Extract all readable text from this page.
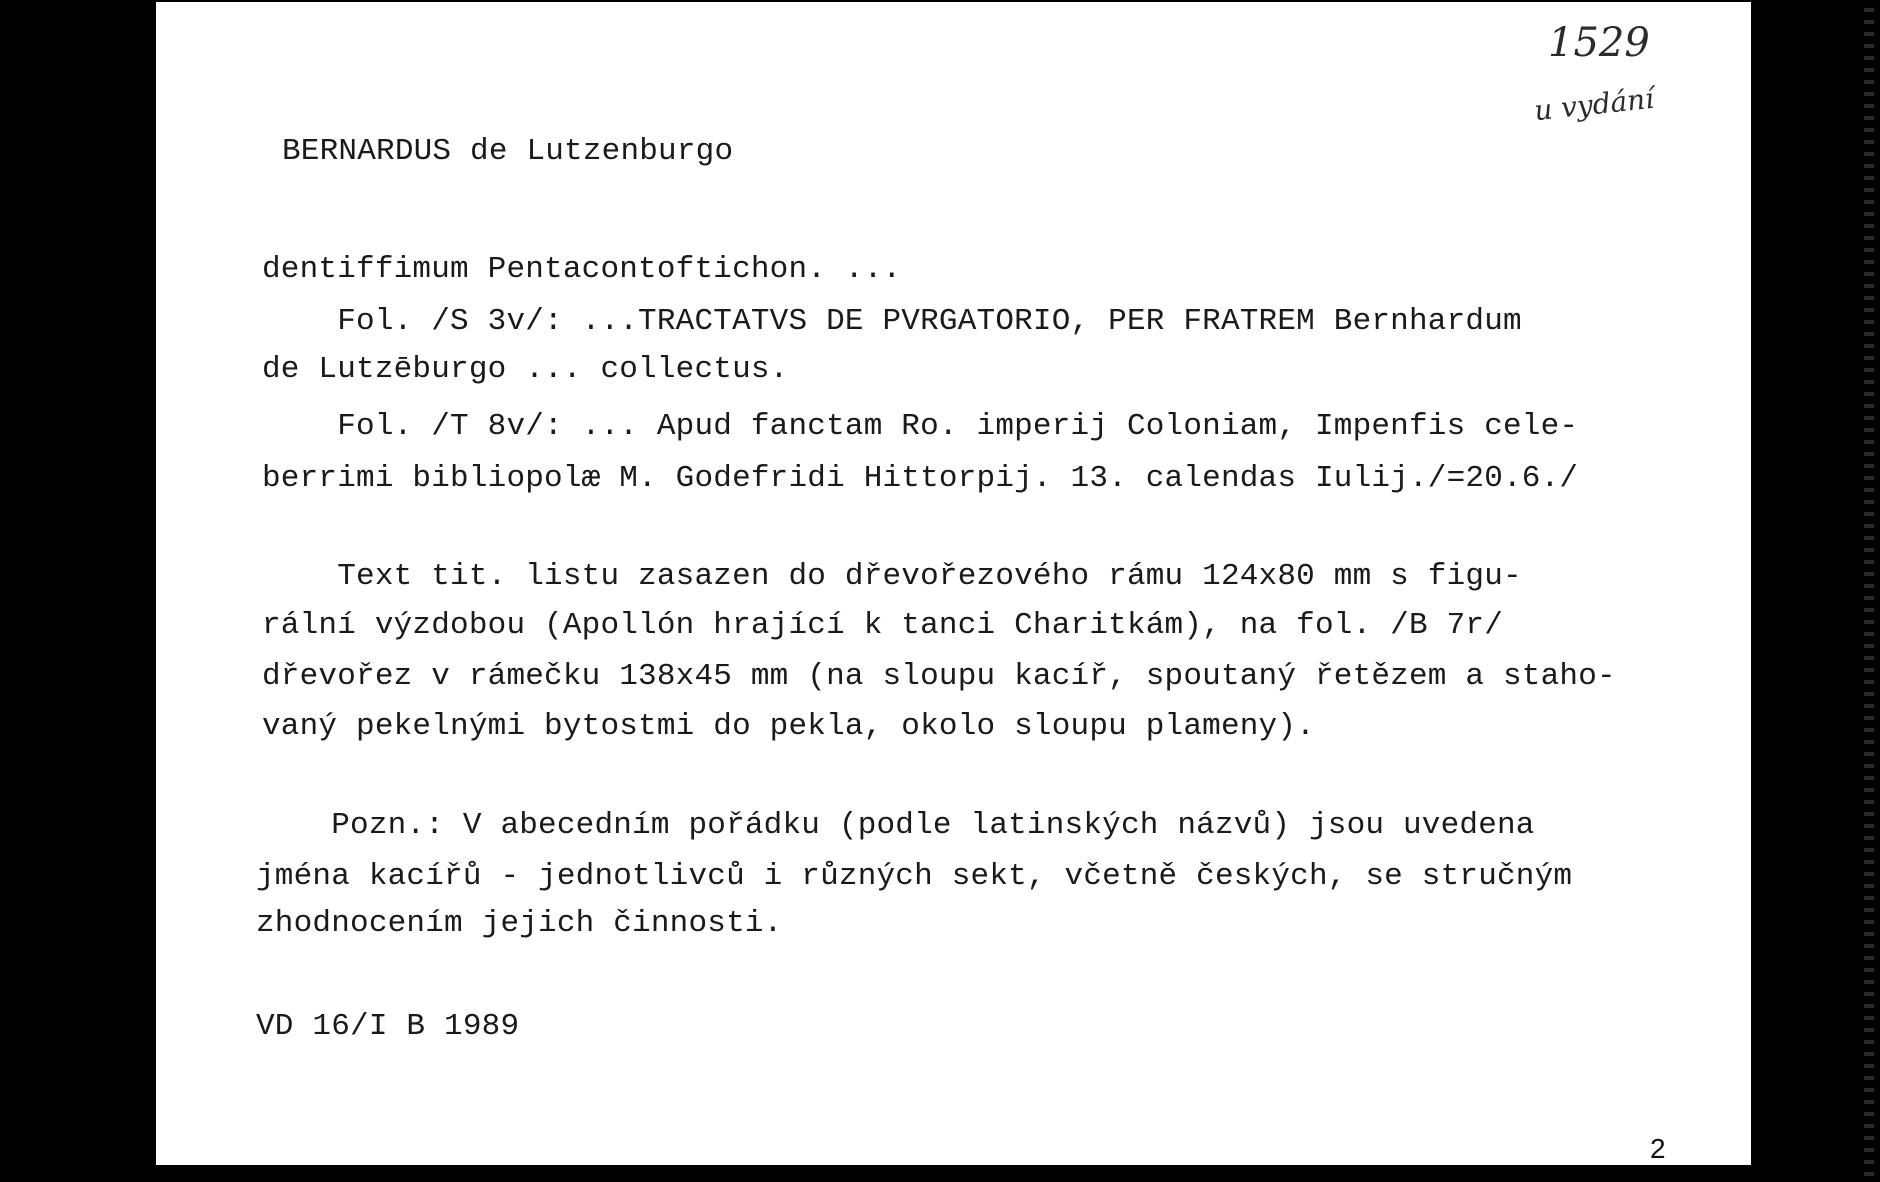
1529
u vydání
BERNARDUS de Lutzenburgo
dentiffimum Pentacontoftichon. ...
Fol. /S 3v/: ...TRACTATVS DE PVRGATORIO, PER FRATREM Bernhardum
de Lutzēburgo ... collectus.
Fol. /T 8v/: ... Apud fanctam Ro. imperij Coloniam, Impenfis cele-
berrimi bibliopolæ M. Godefridi Hittorpij. 13. calendas Iulij./=20.6./
Text tit. listu zasazen do dřevořezového rámu 124x80 mm s figu-
rální výzdobou (Apollón hrající k tanci Charitkám), na fol. /B 7r/
dřevořez v rámečku 138x45 mm (na sloupu kacíř, spoutaný řetězem a staho-
vaný pekelnými bytostmi do pekla, okolo sloupu plameny).
Pozn.: V abecedním pořádku (podle latinských názvů) jsou uvedena
jména kacířů - jednotlivců i různých sekt, včetně českých, se stručným
zhodnocením jejich činnosti.
VD 16/I B 1989
2
